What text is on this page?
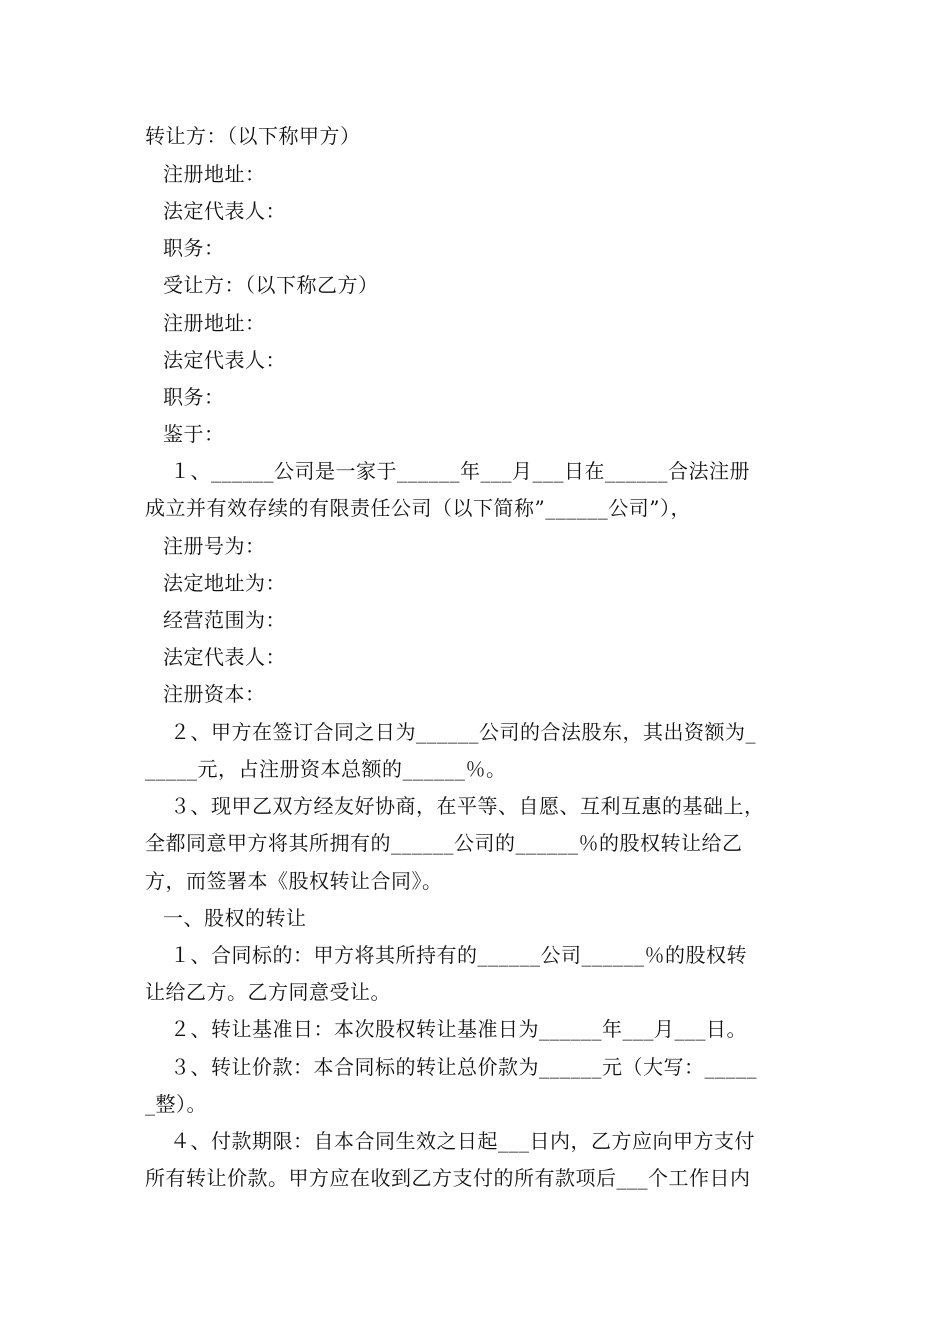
转让方：（以下称甲方）
注册地址：
法定代表人：
职务：
受让方：（以下称乙方）
注册地址：
法定代表人：
职务：
鉴于：
１、______公司是一家于______年___月___日在______合法注册
成立并有效存续的有限责任公司（以下简称”______公司”），
注册号为：
法定地址为：
经营范围为：
法定代表人：
注册资本：
２、甲方在签订合同之日为______公司的合法股东，其出资额为_
_____元，占注册资本总额的______％。
３、现甲乙双方经友好协商，在平等、自愿、互利互惠的基础上，
全都同意甲方将其所拥有的______公司的______％的股权转让给乙
方，而签署本《股权转让合同》。
一、股权的转让
１、合同标的：甲方将其所持有的______公司______％的股权转
让给乙方。乙方同意受让。
２、转让基准日：本次股权转让基准日为______年___月___日。
３、转让价款：本合同标的转让总价款为______元（大写：_____
_整）。
４、付款期限：自本合同生效之日起___日内，乙方应向甲方支付
所有转让价款。甲方应在收到乙方支付的所有款项后___个工作日内
